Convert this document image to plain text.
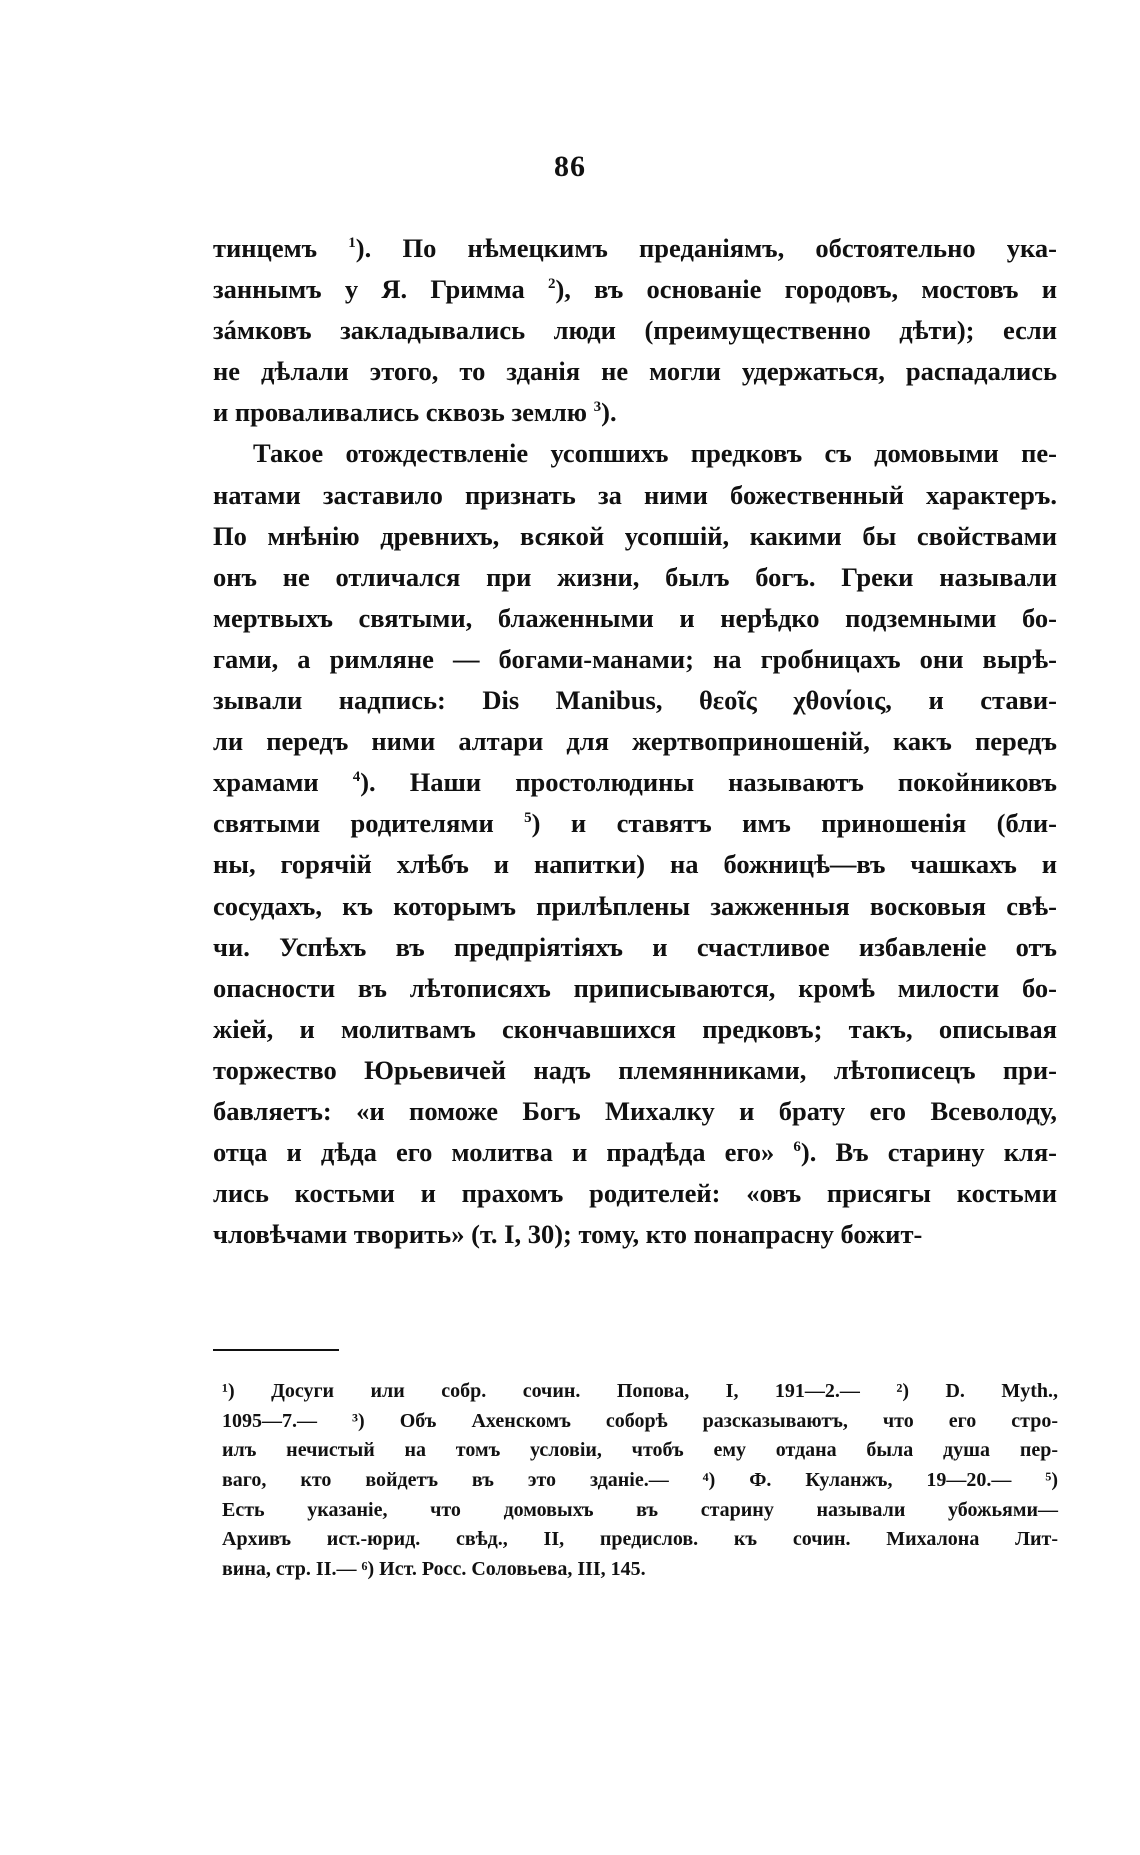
86
тинцемъ $^1$). По нѣмецкимъ преданiямъ, обстоятельно ука-
заннымъ у Я. Гримма $^2$), въ основанiе городовъ, мостовъ и
зáмковъ закладывались люди (преимущественно дѣти); если
не дѣлали этого, то зданiя не могли удержаться, распадались
и проваливались сквозь землю $^3$).
Такое отождествленiе усопшихъ предковъ съ домовыми пе-
натами заставило признать за ними божественный характеръ.
По мнѣнiю древнихъ, всякой усопшiй, какими бы свойствами
онъ не отличался при жизни, былъ богъ. Греки называли
мертвыхъ святыми, блаженными и нерѣдко подземными бо-
гами, а римляне — богами-манами; на гробницахъ они вырѣ-
зывали надпись: Dis Manibus, θεοῖς χθονίοις, и стави-
ли передъ ними алтари для жертвоприношенiй, какъ передъ
храмами $^4$). Наши простолюдины называютъ покойниковъ
святыми родителями $^5$) и ставятъ имъ приношенiя (бли-
ны, горячiй хлѣбъ и напитки) на божницѣ—въ чашкахъ и
сосудахъ, къ которымъ прилѣплены зажженныя восковыя свѣ-
чи. Успѣхъ въ предпрiятiяхъ и счастливое избавленiе отъ
опасности въ лѣтописяхъ приписываются, кромѣ милости бо-
жiей, и молитвамъ скончавшихся предковъ; такъ, описывая
торжество Юрьевичей надъ племянниками, лѣтописецъ при-
бавляетъ: «и поможе Богъ Михалку и брату его Всеволоду,
отца и дѣда его молитва и прадѣда его» $^6$). Въ старину кля-
лись костьми и прахомъ родителей: «овъ присягы костьми
чловѣчами творить» (т. I, 30); тому, кто понапрасну божит-
¹) Досуги или собр. сочин. Попова, I, 191—2.— ²) D. Myth.,
1095—7.— ³) Объ Ахенскомъ соборѣ разсказываютъ, что его стро-
илъ нечистый на томъ условiи, чтобъ ему отдана была душа пер-
ваго, кто войдетъ въ это зданiе.— ⁴) Ф. Куланжъ, 19—20.— ⁵)
Есть указанiе, что домовыхъ въ старину называли убожьями—
Архивъ ист.-юрид. свѣд., II, предислов. къ сочин. Михалона Лит-
вина, стр. II.— ⁶) Ист. Росс. Соловьева, III, 145.
